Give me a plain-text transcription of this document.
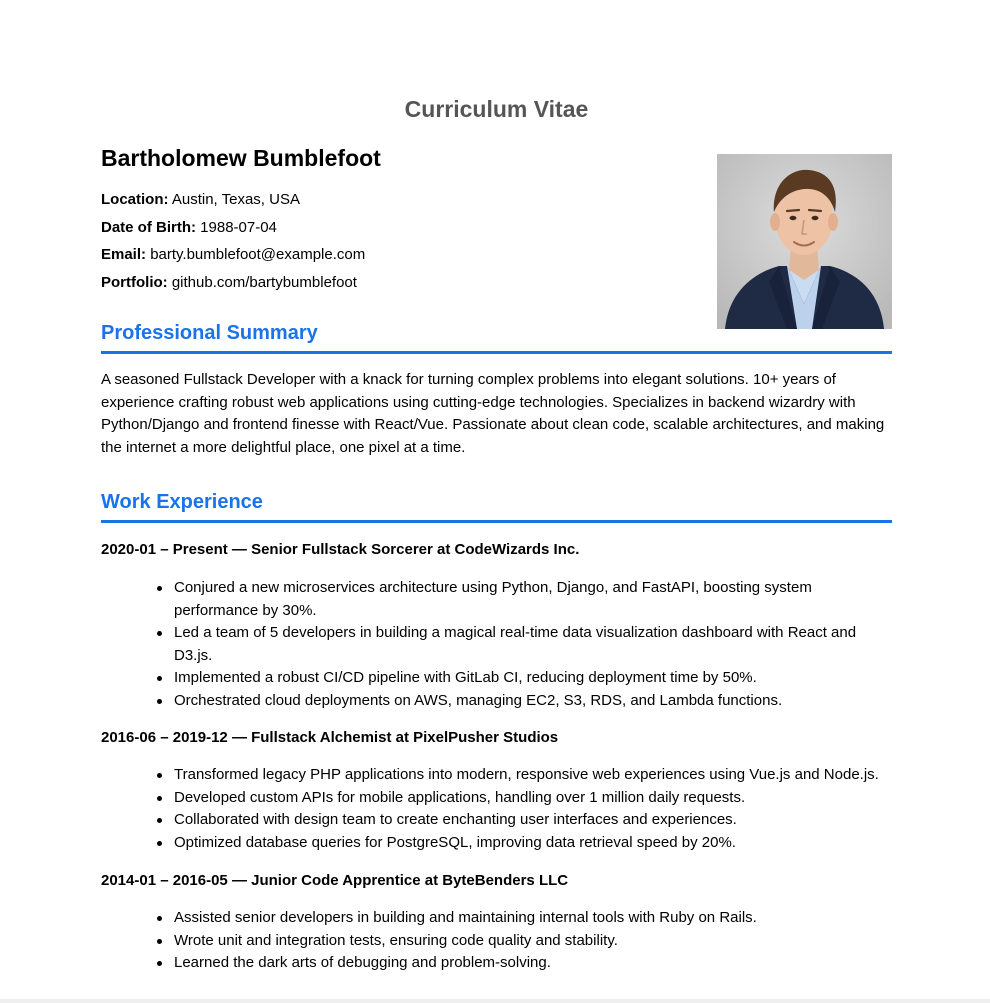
Curriculum Vitae
Bartholomew Bumblefoot
Location: Austin, Texas, USA
Date of Birth: 1988-07-04
Email: barty.bumblefoot@example.com
Portfolio: github.com/bartybumblefoot
Professional Summary

A seasoned Fullstack Developer with a knack for turning complex problems into elegant solutions. 10+ years of experience crafting robust web applications using cutting-edge technologies. Specializes in backend wizardry with Python/Django and frontend finesse with React/Vue. Passionate about clean code, scalable architectures, and making the internet a more delightful place, one pixel at a time.

Work Experience

2020-01 – Present — Senior Fullstack Sorcerer at CodeWizards Inc.

Conjured a new microservices architecture using Python, Django, and FastAPI, boosting system performance by 30%.
Led a team of 5 developers in building a magical real-time data visualization dashboard with React and D3.js.
Implemented a robust CI/CD pipeline with GitLab CI, reducing deployment time by 50%.
Orchestrated cloud deployments on AWS, managing EC2, S3, RDS, and Lambda functions.

2016-06 – 2019-12 — Fullstack Alchemist at PixelPusher Studios

Transformed legacy PHP applications into modern, responsive web experiences using Vue.js and Node.js.
Developed custom APIs for mobile applications, handling over 1 million daily requests.
Collaborated with design team to create enchanting user interfaces and experiences.
Optimized database queries for PostgreSQL, improving data retrieval speed by 20%.

2014-01 – 2016-05 — Junior Code Apprentice at ByteBenders LLC

Assisted senior developers in building and maintaining internal tools with Ruby on Rails.
Wrote unit and integration tests, ensuring code quality and stability.
Learned the dark arts of debugging and problem-solving.
